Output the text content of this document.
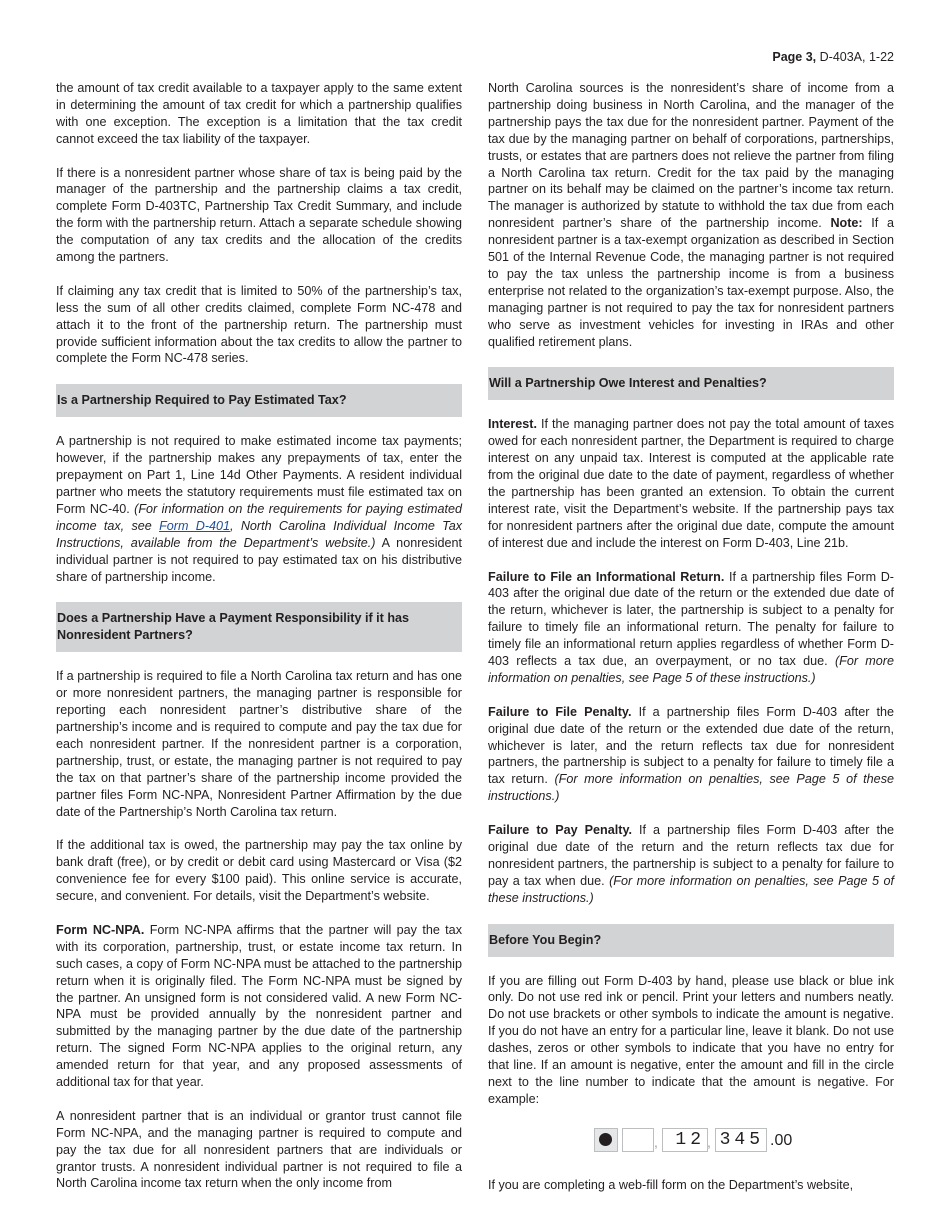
Page 3, D-403A, 1-22

the amount of tax credit available to a taxpayer apply to the same extent in determining the amount of tax credit for which a partnership qualifies with one exception. The exception is a limitation that the tax credit cannot exceed the tax liability of the taxpayer.

If there is a nonresident partner whose share of tax is being paid by the manager of the partnership and the partnership claims a tax credit, complete Form D-403TC, Partnership Tax Credit Summary, and include the form with the partnership return. Attach a separate schedule showing the computation of any tax credits and the allocation of the credits among the partners.

If claiming any tax credit that is limited to 50% of the partnership’s tax, less the sum of all other credits claimed, complete Form NC-478 and attach it to the front of the partnership return. The partnership must provide sufficient information about the tax credits to allow the partner to complete the Form NC-478 series.

Is a Partnership Required to Pay Estimated Tax?

A partnership is not required to make estimated income tax payments; however, if the partnership makes any prepayments of tax, enter the prepayment on Part 1, Line 14d Other Payments. A resident individual partner who meets the statutory requirements must file estimated tax on Form NC-40. (For information on the requirements for paying estimated income tax, see Form D-401, North Carolina Individual Income Tax Instructions, available from the Department’s website.) A nonresident individual partner is not required to pay estimated tax on his distributive share of partnership income.

Does a Partnership Have a Payment Responsibility if it has Nonresident Partners?

If a partnership is required to file a North Carolina tax return and has one or more nonresident partners, the managing partner is responsible for reporting each nonresident partner’s distributive share of the partnership’s income and is required to compute and pay the tax due for each nonresident partner. If the nonresident partner is a corporation, partnership, trust, or estate, the managing partner is not required to pay the tax on that partner’s share of the partnership income provided the partner files Form NC-NPA, Nonresident Partner Affirmation by the due date of the Partnership’s North Carolina tax return.

If the additional tax is owed, the partnership may pay the tax online by bank draft (free), or by credit or debit card using Mastercard or Visa ($2 convenience fee for every $100 paid). This online service is accurate, secure, and convenient. For details, visit the Department’s website.

Form NC-NPA. Form NC-NPA affirms that the partner will pay the tax with its corporation, partnership, trust, or estate income tax return. In such cases, a copy of Form NC-NPA must be attached to the partnership return when it is originally filed. The Form NC-NPA must be signed by the partner. An unsigned form is not considered valid. A new Form NC-NPA must be provided annually by the nonresident partner and submitted by the managing partner by the due date of the partnership return. The signed Form NC-NPA applies to the original return, any amended return for that year, and any proposed assessments of additional tax for that year.

A nonresident partner that is an individual or grantor trust cannot file Form NC-NPA, and the managing partner is required to compute and pay the tax due for all nonresident partners that are individuals or grantor trusts. A nonresident individual partner is not required to file a North Carolina income tax return when the only income from

North Carolina sources is the nonresident’s share of income from a partnership doing business in North Carolina, and the manager of the partnership pays the tax due for the nonresident partner. Payment of the tax due by the managing partner on behalf of corporations, partnerships, trusts, or estates that are partners does not relieve the partner from filing a North Carolina tax return. Credit for the tax paid by the managing partner on its behalf may be claimed on the partner’s income tax return. The manager is authorized by statute to withhold the tax due from each nonresident partner’s share of the partnership income. Note: If a nonresident partner is a tax-exempt organization as described in Section 501 of the Internal Revenue Code, the managing partner is not required to pay the tax unless the partnership income is from a business enterprise not related to the organization’s tax-exempt purpose. Also, the managing partner is not required to pay the tax for nonresident partners who serve as investment vehicles for investing in IRAs and other qualified retirement plans.

Will a Partnership Owe Interest and Penalties?

Interest. If the managing partner does not pay the total amount of taxes owed for each nonresident partner, the Department is required to charge interest on any unpaid tax. Interest is computed at the applicable rate from the original due date to the date of payment, regardless of whether the partnership has been granted an extension. To obtain the current interest rate, visit the Department’s website. If the partnership pays tax for nonresident partners after the original due date, compute the amount of interest due and include the interest on Form D-403, Line 21b.

Failure to File an Informational Return. If a partnership files Form D-403 after the original due date of the return or the extended due date of the return, whichever is later, the partnership is subject to a penalty for failure to timely file an informational return. The penalty for failure to timely file an informational return applies regardless of whether Form D-403 reflects a tax due, an overpayment, or no tax due. (For more information on penalties, see Page 5 of these instructions.)

Failure to File Penalty. If a partnership files Form D-403 after the original due date of the return or the extended due date of the return, whichever is later, and the return reflects tax due for nonresident partners, the partnership is subject to a penalty for failure to timely file a tax return. (For more information on penalties, see Page 5 of these instructions.)

Failure to Pay Penalty. If a partnership files Form D-403 after the original due date of the return and the return reflects tax due for nonresident partners, the partnership is subject to a penalty for failure to pay a tax when due. (For more information on penalties, see Page 5 of these instructions.)

Before You Begin?

If you are filling out Form D-403 by hand, please use black or blue ink only. Do not use red ink or pencil. Print your letters and numbers neatly. Do not use brackets or other symbols to indicate the amount is negative. If you do not have an entry for a particular line, leave it blank. Do not use dashes, zeros or other symbols to indicate that you have no entry for that line. If an amount is negative, enter the amount and fill in the circle next to the line number to indicate that the amount is negative. For example:

, 12 , 345 .00

If you are completing a web-fill form on the Department’s website,
